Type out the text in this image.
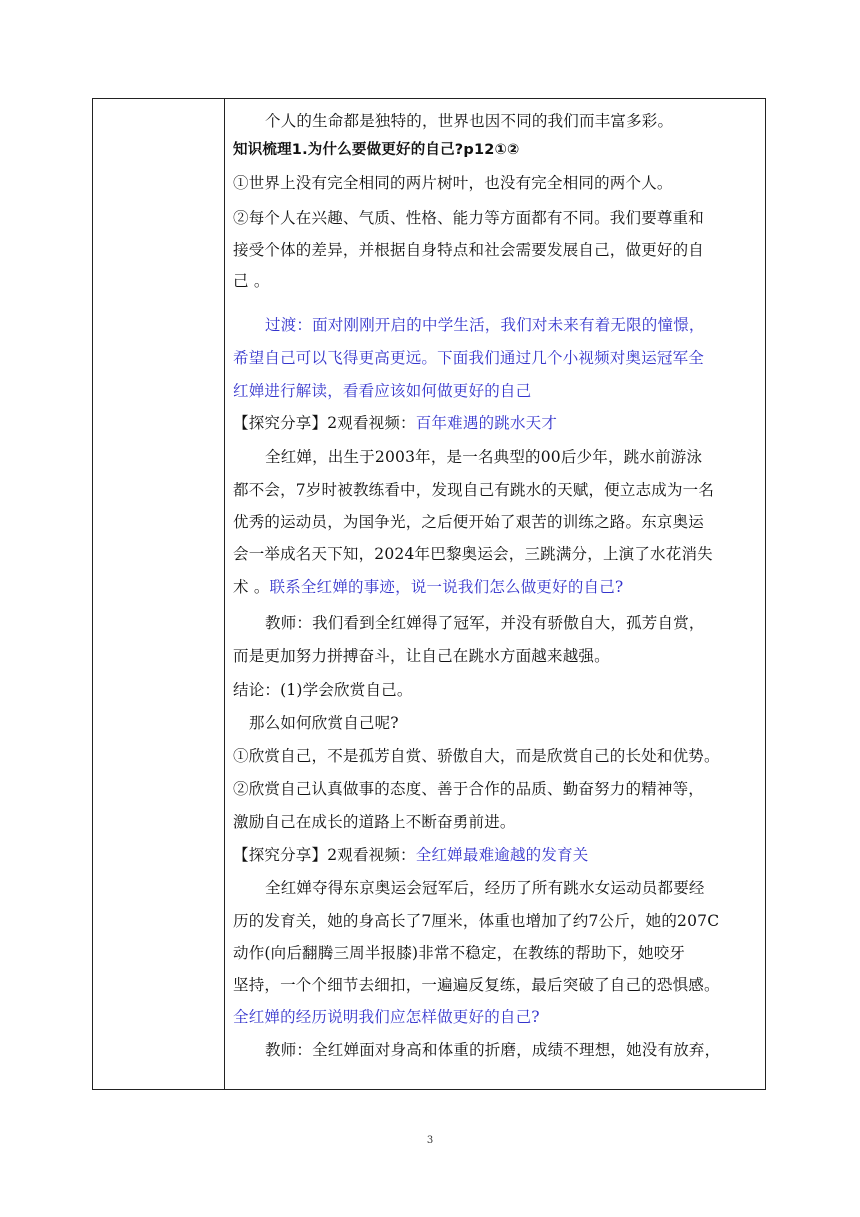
个人的生命都是独特的，世界也因不同的我们而丰富多彩。
知识梳理1.为什么要做更好的自己?p12①②
①世界上没有完全相同的两片树叶，也没有完全相同的两个人。
②每个人在兴趣、气质、性格、能力等方面都有不同。我们要尊重和
接受个体的差异，并根据自身特点和社会需要发展自己，做更好的自
己 。
过渡：面对刚刚开启的中学生活，我们对未来有着无限的憧憬，
希望自己可以飞得更高更远。下面我们通过几个小视频对奥运冠军全
红婵进行解读，看看应该如何做更好的自己
【探究分享】2观看视频：百年难遇的跳水天才
全红婵，出生于2003年，是一名典型的00后少年，跳水前游泳
都不会，7岁时被教练看中，发现自己有跳水的天赋，便立志成为一名
优秀的运动员，为国争光，之后便开始了艰苦的训练之路。东京奥运
会一举成名天下知，2024年巴黎奥运会，三跳满分，上演了水花消失
术 。联系全红婵的事迹，说一说我们怎么做更好的自己?
教师：我们看到全红婵得了冠军，并没有骄傲自大，孤芳自赏，
而是更加努力拼搏奋斗，让自己在跳水方面越来越强。
结论：(1)学会欣赏自己。
那么如何欣赏自己呢?
①欣赏自己，不是孤芳自赏、骄傲自大，而是欣赏自己的长处和优势。
②欣赏自己认真做事的态度、善于合作的品质、勤奋努力的精神等，
激励自己在成长的道路上不断奋勇前进。
【探究分享】2观看视频：全红婵最难逾越的发育关
全红婵夺得东京奥运会冠军后，经历了所有跳水女运动员都要经
历的发育关，她的身高长了7厘米，体重也增加了约7公斤，她的207C
动作(向后翻腾三周半报膝)非常不稳定，在教练的帮助下，她咬牙
坚持，一个个细节去细扣，一遍遍反复练，最后突破了自己的恐惧感。
全红婵的经历说明我们应怎样做更好的自己?
教师：全红婵面对身高和体重的折磨，成绩不理想，她没有放弃，
3
